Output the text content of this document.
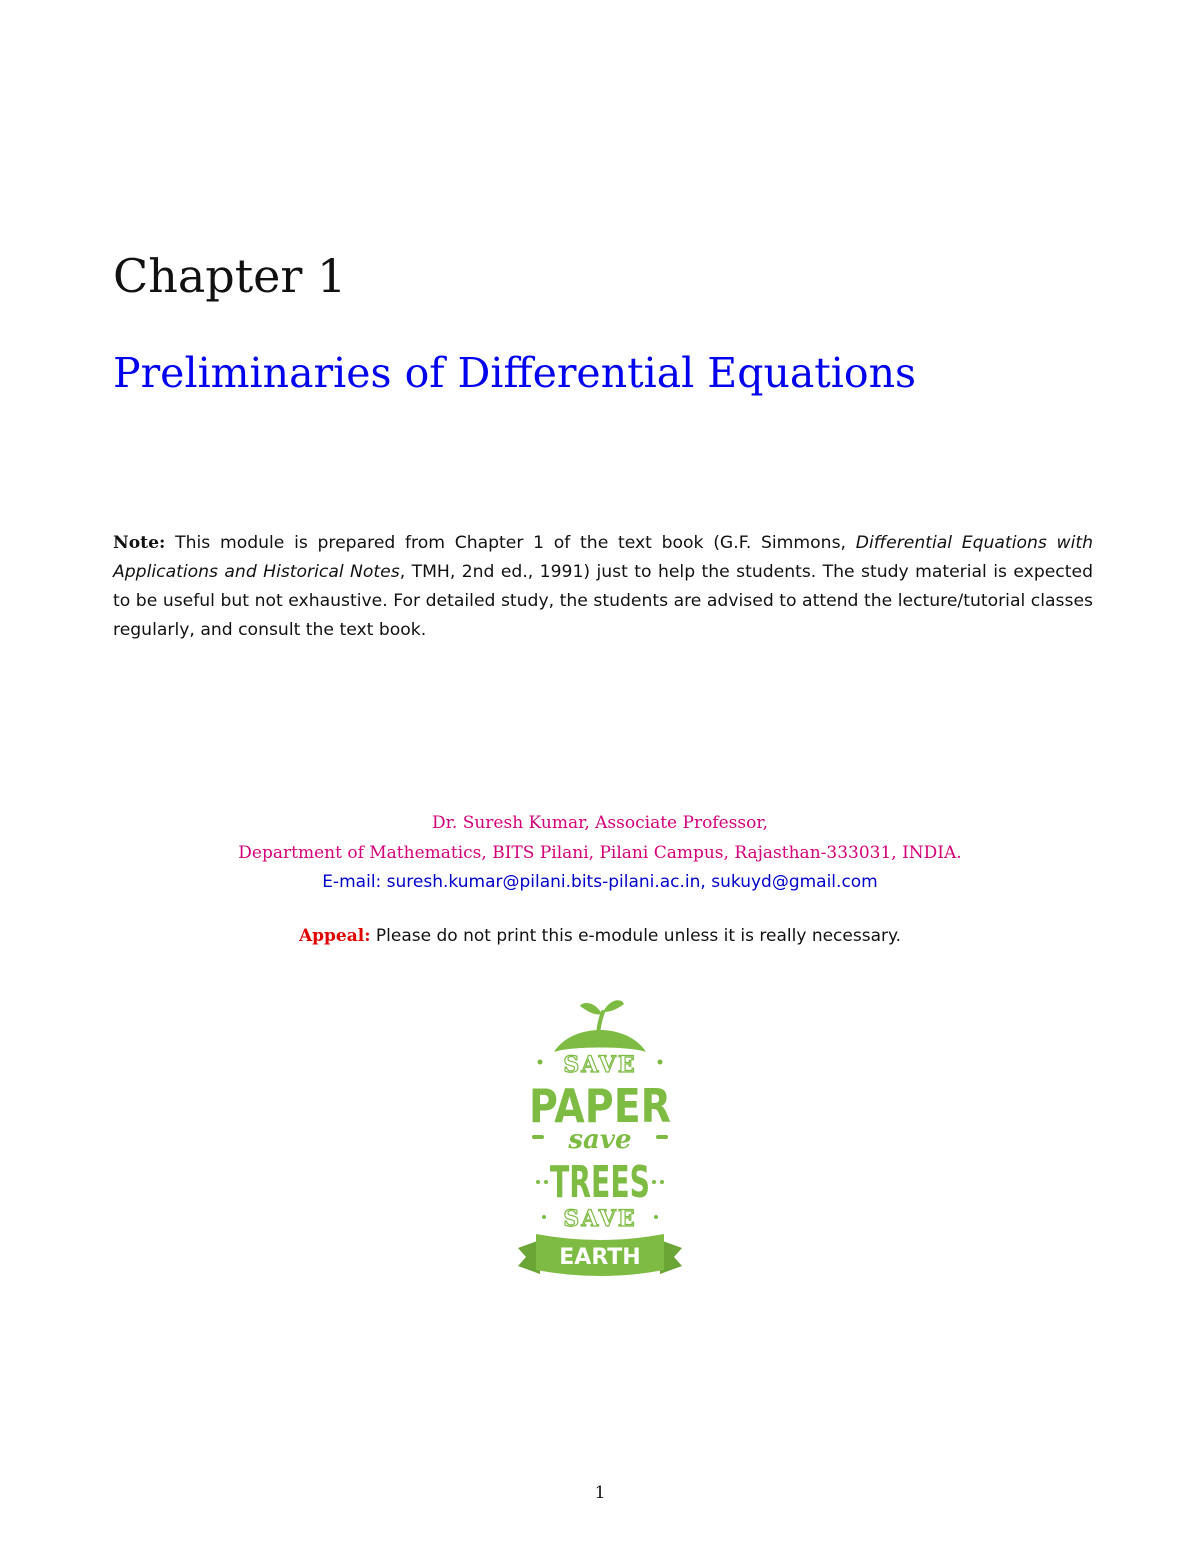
Chapter 1
Preliminaries of Differential Equations
Note: This module is prepared from Chapter 1 of the text book (G.F. Simmons, Differential Equations with Applications and Historical Notes, TMH, 2nd ed., 1991) just to help the students. The study material is expected to be useful but not exhaustive. For detailed study, the students are advised to attend the lecture/tutorial classes regularly, and consult the text book.
Dr. Suresh Kumar, Associate Professor,
Department of Mathematics, BITS Pilani, Pilani Campus, Rajasthan-333031, INDIA.
E-mail: suresh.kumar@pilani.bits-pilani.ac.in, sukuyd@gmail.com
Appeal: Please do not print this e-module unless it is really necessary.
SAVE
PAPER
save
TREES
SAVE
EARTH
1
